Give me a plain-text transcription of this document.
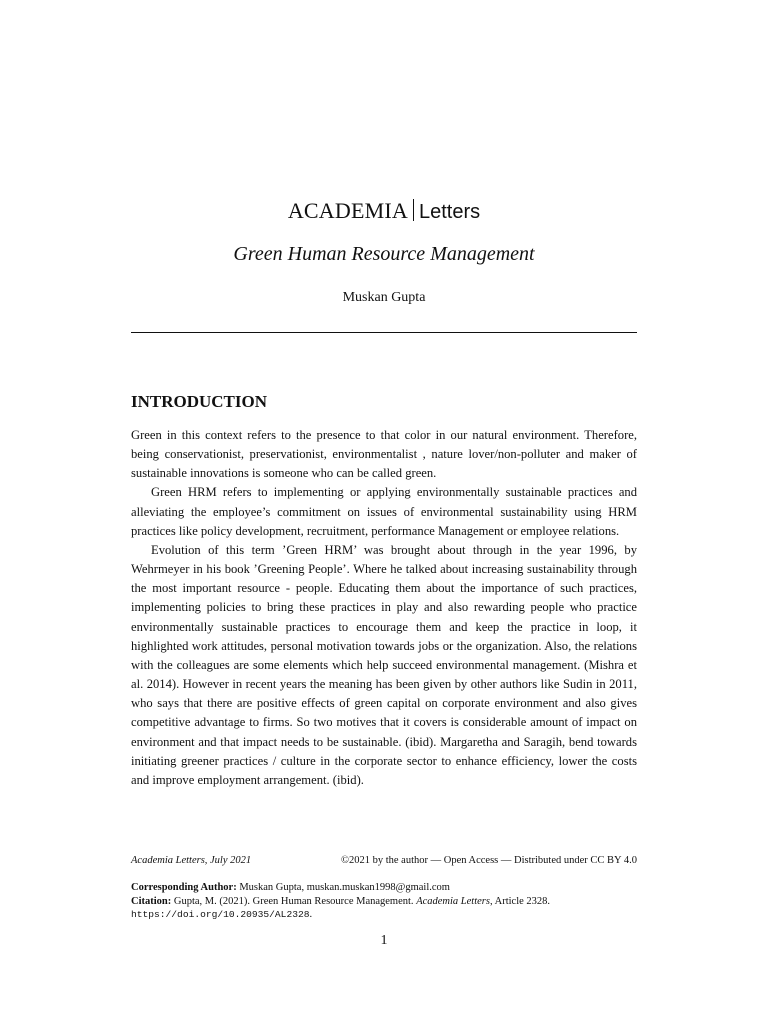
ACADEMIA Letters
Green Human Resource Management
Muskan Gupta
INTRODUCTION

Green in this context refers to the presence to that color in our natural environment. Therefore, being conservationist, preservationist, environmentalist , nature lover/non-polluter and maker of sustainable innovations is someone who can be called green.

Green HRM refers to implementing or applying environmentally sustainable practices and alleviating the employee’s commitment on issues of environmental sustainability using HRM practices like policy development, recruitment, performance Management or employee relations.

Evolution of this term ’Green HRM’ was brought about through in the year 1996, by Wehrmeyer in his book ’Greening People’. Where he talked about increasing sustainability through the most important resource - people. Educating them about the importance of such practices, implementing policies to bring these practices in play and also rewarding people who practice environmentally sustainable practices to encourage them and keep the practice in loop, it highlighted work attitudes, personal motivation towards jobs or the organization. Also, the relations with the colleagues are some elements which help succeed environmental management. (Mishra et al. 2014). However in recent years the meaning has been given by other authors like Sudin in 2011, who says that there are positive effects of green capital on corporate environment and also gives competitive advantage to firms. So two motives that it covers is considerable amount of impact on environment and that impact needs to be sustainable. (ibid). Margaretha and Saragih, bend towards initiating greener practices / culture in the corporate sector to enhance efficiency, lower the costs and improve employment arrangement. (ibid).

Academia Letters, July 2021	©2021 by the author — Open Access — Distributed under CC BY 4.0
Corresponding Author: Muskan Gupta, muskan.muskan1998@gmail.com
Citation: Gupta, M. (2021). Green Human Resource Management. Academia Letters, Article 2328.
https://doi.org/10.20935/AL2328.
1
